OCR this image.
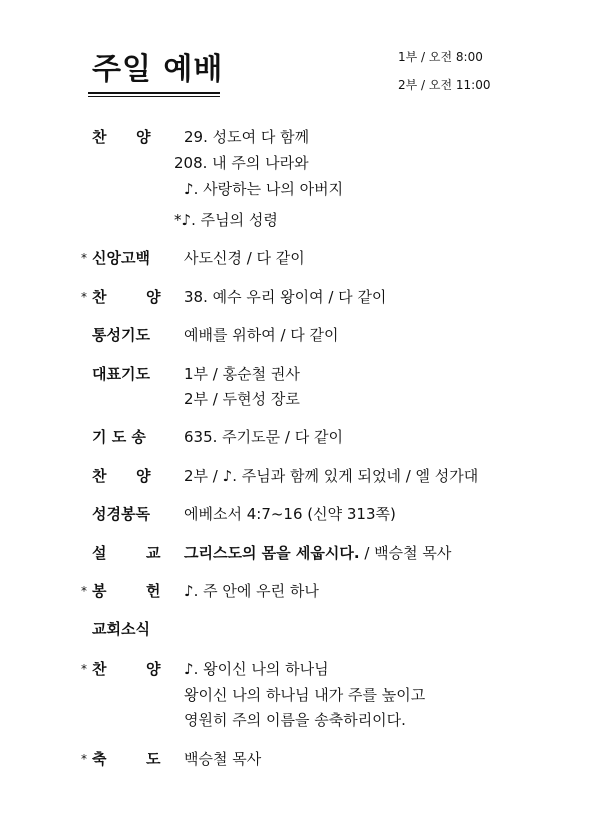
주일 예배	1부 / 오전 8:00
2부 / 오전 11:00
찬 양 29. 성도여 다 함께
208. 내 주의 나라와
♪. 사랑하는 나의 아버지
*♪. 주님의 성령
* 신앙고백 사도신경 / 다 같이
* 찬	양 38. 예수 우리 왕이여 / 다 같이
통성기도 예배를 위하여 / 다 같이
대표기도 1부 / 홍순철 권사
2부 / 두현성 장로
기 도 송	635. 주기도문 / 다 같이
찬 양 2부 / ♪. 주님과 함께 있게 되었네 / 엘 성가대
성경봉독 에베소서 4:7~16 (신약 313쪽)
설	교 그리스도의 몸을 세웁시다. / 백승철 목사
* 봉	헌 ♪. 주 안에 우린 하나
교회소식
* 찬	양 ♪. 왕이신 나의 하나님
왕이신 나의 하나님 내가 주를 높이고
영원히 주의 이름을 송축하리이다.
* 축	도 백승철 목사
